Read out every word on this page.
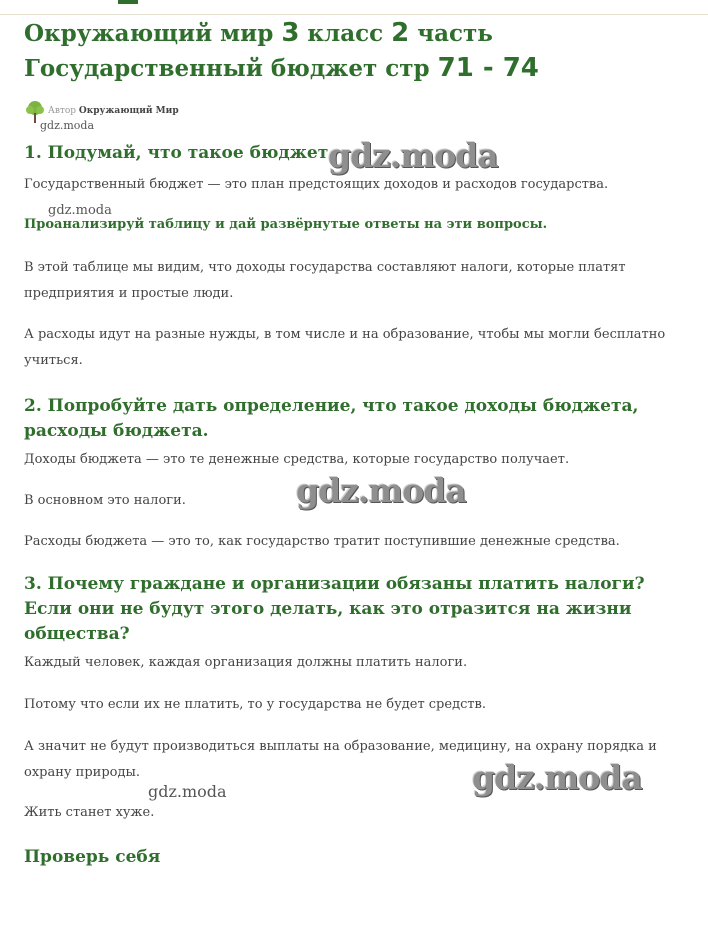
Окружающий мир 3 класс 2 часть Государственный бюджет стр 71 - 74
Автор Окружающий Мир
gdz.moda
1. Подумай, что такое бюджет.

Государственный бюджет — это план предстоящих доходов и расходов государства.

Проанализируй таблицу и дай развёрнутые ответы на эти вопросы.

В этой таблице мы видим, что доходы государства составляют налоги, которые платят предприятия и простые люди.

А расходы идут на разные нужды, в том числе и на образование, чтобы мы могли бесплатно учиться.

2. Попробуйте дать определение, что такое доходы бюджета, расходы бюджета.

Доходы бюджета — это те денежные средства, которые государство получает.

В основном это налоги.

Расходы бюджета — это то, как государство тратит поступившие денежные средства.

3. Почему граждане и организации обязаны платить налоги? Если они не будут этого делать, как это отразится на жизни общества?

Каждый человек, каждая организация должны платить налоги.

Потому что если их не платить, то у государства не будет средств.

А значит не будут производиться выплаты на образование, медицину, на охрану порядка и охрану природы.

Жить станет хуже.

Проверь себя
gdz.moda
gdz.moda
gdz.moda
gdz.moda
gdz.moda
